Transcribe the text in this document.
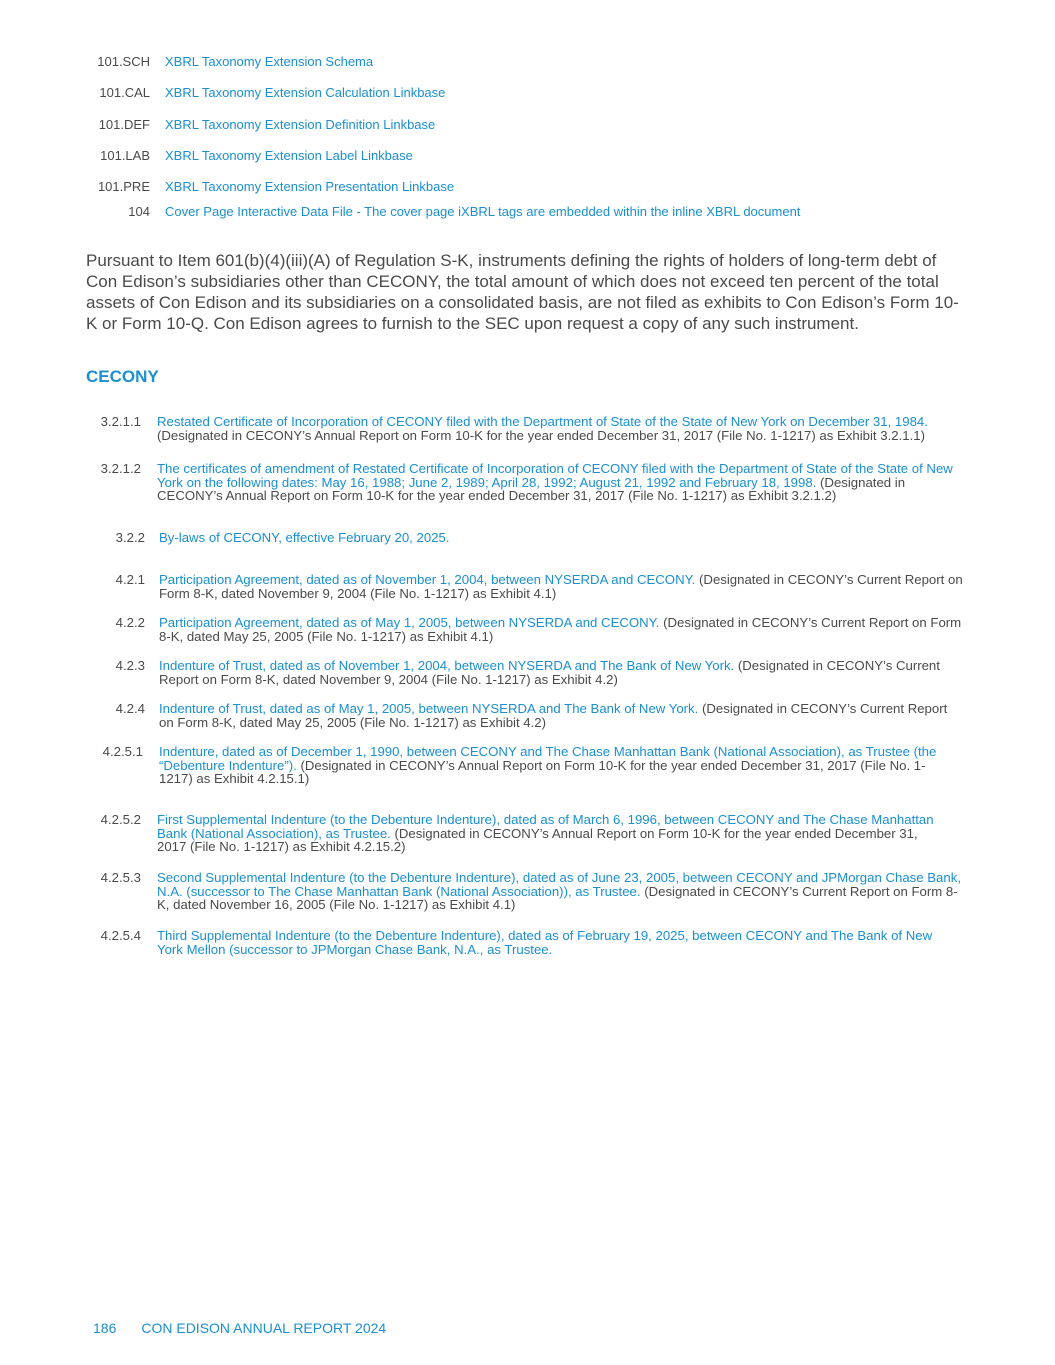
101.SCH XBRL Taxonomy Extension Schema
101.CAL XBRL Taxonomy Extension Calculation Linkbase
101.DEF XBRL Taxonomy Extension Definition Linkbase
101.LAB XBRL Taxonomy Extension Label Linkbase
101.PRE XBRL Taxonomy Extension Presentation Linkbase
104 Cover Page Interactive Data File - The cover page iXBRL tags are embedded within the inline XBRL document
Pursuant to Item 601(b)(4)(iii)(A) of Regulation S-K, instruments defining the rights of holders of long-term debt of Con Edison’s subsidiaries other than CECONY, the total amount of which does not exceed ten percent of the total assets of Con Edison and its subsidiaries on a consolidated basis, are not filed as exhibits to Con Edison’s Form 10-K or Form 10-Q. Con Edison agrees to furnish to the SEC upon request a copy of any such instrument.
CECONY
3.2.1.1 Restated Certificate of Incorporation of CECONY filed with the Department of State of the State of New York on December 31, 1984. (Designated in CECONY’s Annual Report on Form 10-K for the year ended December 31, 2017 (File No. 1-1217) as Exhibit 3.2.1.1)
3.2.1.2 The certificates of amendment of Restated Certificate of Incorporation of CECONY filed with the Department of State of the State of New York on the following dates: May 16, 1988; June 2, 1989; April 28, 1992; August 21, 1992 and February 18, 1998. (Designated in CECONY’s Annual Report on Form 10-K for the year ended December 31, 2017 (File No. 1-1217) as Exhibit 3.2.1.2)
3.2.2 By-laws of CECONY, effective February 20, 2025.
4.2.1 Participation Agreement, dated as of November 1, 2004, between NYSERDA and CECONY. (Designated in CECONY’s Current Report on Form 8-K, dated November 9, 2004 (File No. 1-1217) as Exhibit 4.1)
4.2.2 Participation Agreement, dated as of May 1, 2005, between NYSERDA and CECONY. (Designated in CECONY’s Current Report on Form 8-K, dated May 25, 2005 (File No. 1-1217) as Exhibit 4.1)
4.2.3 Indenture of Trust, dated as of November 1, 2004, between NYSERDA and The Bank of New York. (Designated in CECONY’s Current Report on Form 8-K, dated November 9, 2004 (File No. 1-1217) as Exhibit 4.2)
4.2.4 Indenture of Trust, dated as of May 1, 2005, between NYSERDA and The Bank of New York. (Designated in CECONY’s Current Report on Form 8-K, dated May 25, 2005 (File No. 1-1217) as Exhibit 4.2)
4.2.5.1 Indenture, dated as of December 1, 1990, between CECONY and The Chase Manhattan Bank (National Association), as Trustee (the “Debenture Indenture”). (Designated in CECONY’s Annual Report on Form 10-K for the year ended December 31, 2017 (File No. 1-1217) as Exhibit 4.2.15.1)
4.2.5.2 First Supplemental Indenture (to the Debenture Indenture), dated as of March 6, 1996, between CECONY and The Chase Manhattan Bank (National Association), as Trustee. (Designated in CECONY’s Annual Report on Form 10-K for the year ended December 31, 2017 (File No. 1-1217) as Exhibit 4.2.15.2)
4.2.5.3 Second Supplemental Indenture (to the Debenture Indenture), dated as of June 23, 2005, between CECONY and JPMorgan Chase Bank, N.A. (successor to The Chase Manhattan Bank (National Association)), as Trustee. (Designated in CECONY’s Current Report on Form 8-K, dated November 16, 2005 (File No. 1-1217) as Exhibit 4.1)
4.2.5.4 Third Supplemental Indenture (to the Debenture Indenture), dated as of February 19, 2025, between CECONY and The Bank of New York Mellon (successor to JPMorgan Chase Bank, N.A., as Trustee.
186 CON EDISON ANNUAL REPORT 2024
